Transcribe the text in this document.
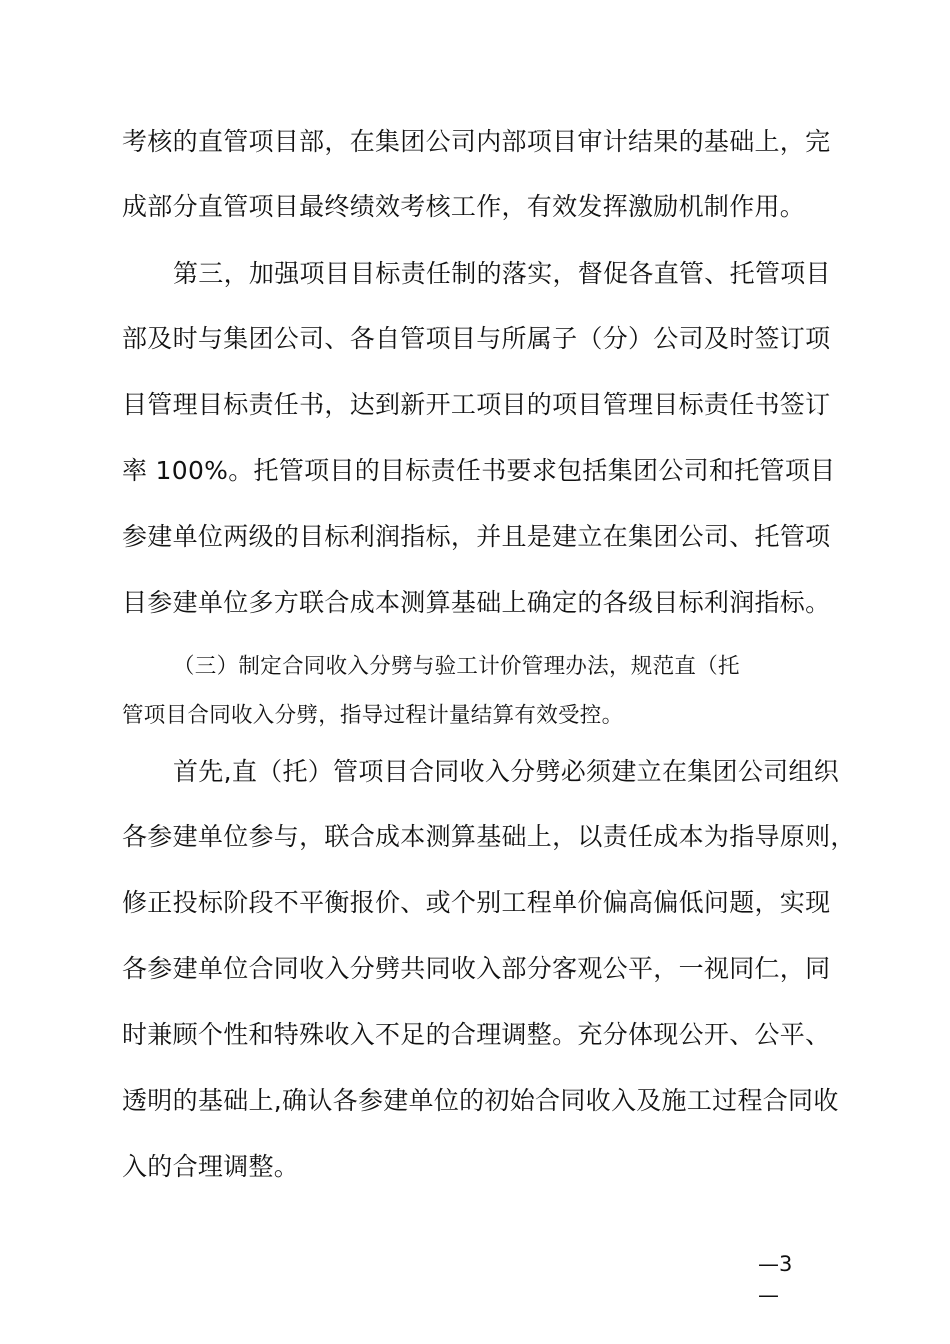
考核的直管项目部，在集团公司内部项目审计结果的基础上，完
成部分直管项目最终绩效考核工作，有效发挥激励机制作用。
第三，加强项目目标责任制的落实，督促各直管、托管项目
部及时与集团公司、各自管项目与所属子（分）公司及时签订项
目管理目标责任书，达到新开工项目的项目管理目标责任书签订
率 100%。托管项目的目标责任书要求包括集团公司和托管项目
参建单位两级的目标利润指标，并且是建立在集团公司、托管项
目参建单位多方联合成本测算基础上确定的各级目标利润指标。
（三）制定合同收入分劈与验工计价管理办法，规范直（托
管项目合同收入分劈，指导过程计量结算有效受控。
首先,直（托）管项目合同收入分劈必须建立在集团公司组织
各参建单位参与，联合成本测算基础上，以责任成本为指导原则，
修正投标阶段不平衡报价、或个别工程单价偏高偏低问题，实现
各参建单位合同收入分劈共同收入部分客观公平，一视同仁，同
时兼顾个性和特殊收入不足的合理调整。充分体现公开、公平、
透明的基础上,确认各参建单位的初始合同收入及施工过程合同收
入的合理调整。
—3
—
